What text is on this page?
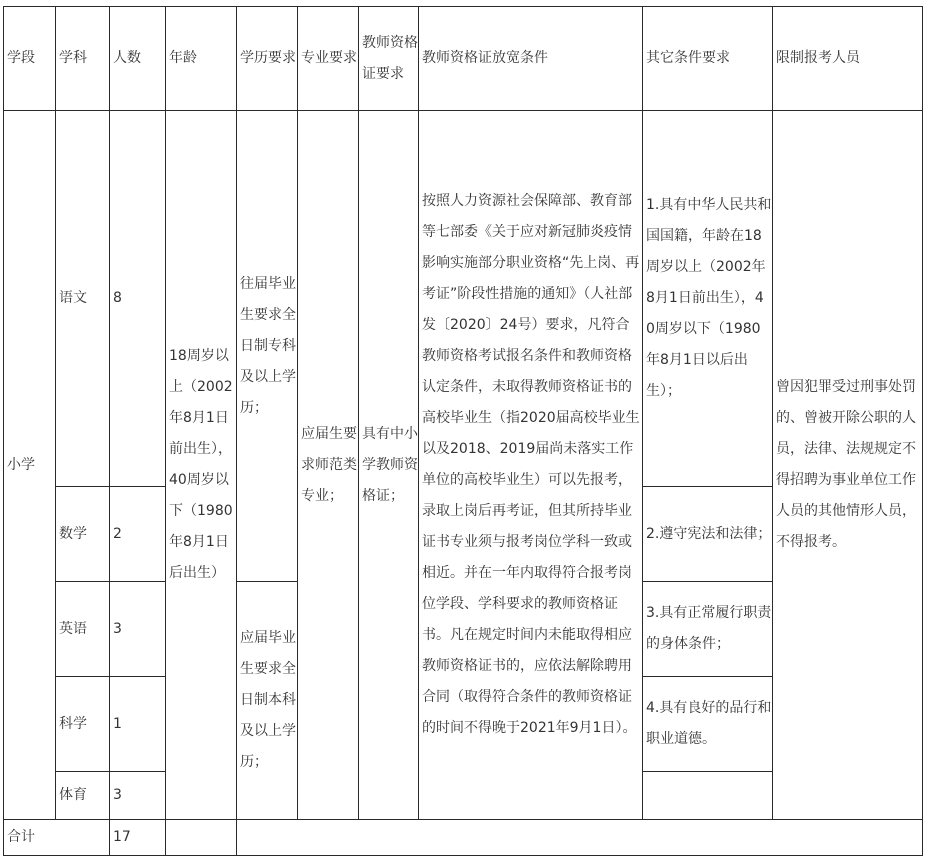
学段	学科	人数	年龄	学历要求	专业要求	教师资格证要求	教师资格证放宽条件	其它条件要求	限制报考人员
小学	语文	8	18周岁以上（2002年8月1日前出生），40周岁以下（1980年8月1日后出生）	往届毕业生要求全日制专科及以上学历；	应届生要求师范类专业；	具有中小学教师资格证；	按照人力资源社会保障部、教育部等七部委《关于应对新冠肺炎疫情影响实施部分职业资格“先上岗、再考证”阶段性措施的通知》（人社部发〔2020〕24号）要求，凡符合教师资格考试报名条件和教师资格认定条件，未取得教师资格证书的高校毕业生（指2020届高校毕业生以及2018、2019届尚未落实工作单位的高校毕业生）可以先报考，录取上岗后再考证，但其所持毕业证书专业须与报考岗位学科一致或相近。并在一年内取得符合报考岗位学段、学科要求的教师资格证书。凡在规定时间内未能取得相应教师资格证书的，应依法解除聘用合同（取得符合条件的教师资格证的时间不得晚于2021年9月1日）。	1.具有中华人民共和国国籍，年龄在18周岁以上（2002年8月1日前出生），40周岁以下（1980年8月1日以后出生）；	曾因犯罪受过刑事处罚的、曾被开除公职的人员，法律、法规规定不得招聘为事业单位工作人员的其他情形人员，不得报考。
	数学	2						2.遵守宪法和法律；	
	英语	3		应届毕业生要求全日制本科及以上学历；				3.具有正常履行职责的身体条件；	
	科学	1						4.具有良好的品行和职业道德。	
	体育	3							
合计		17							
